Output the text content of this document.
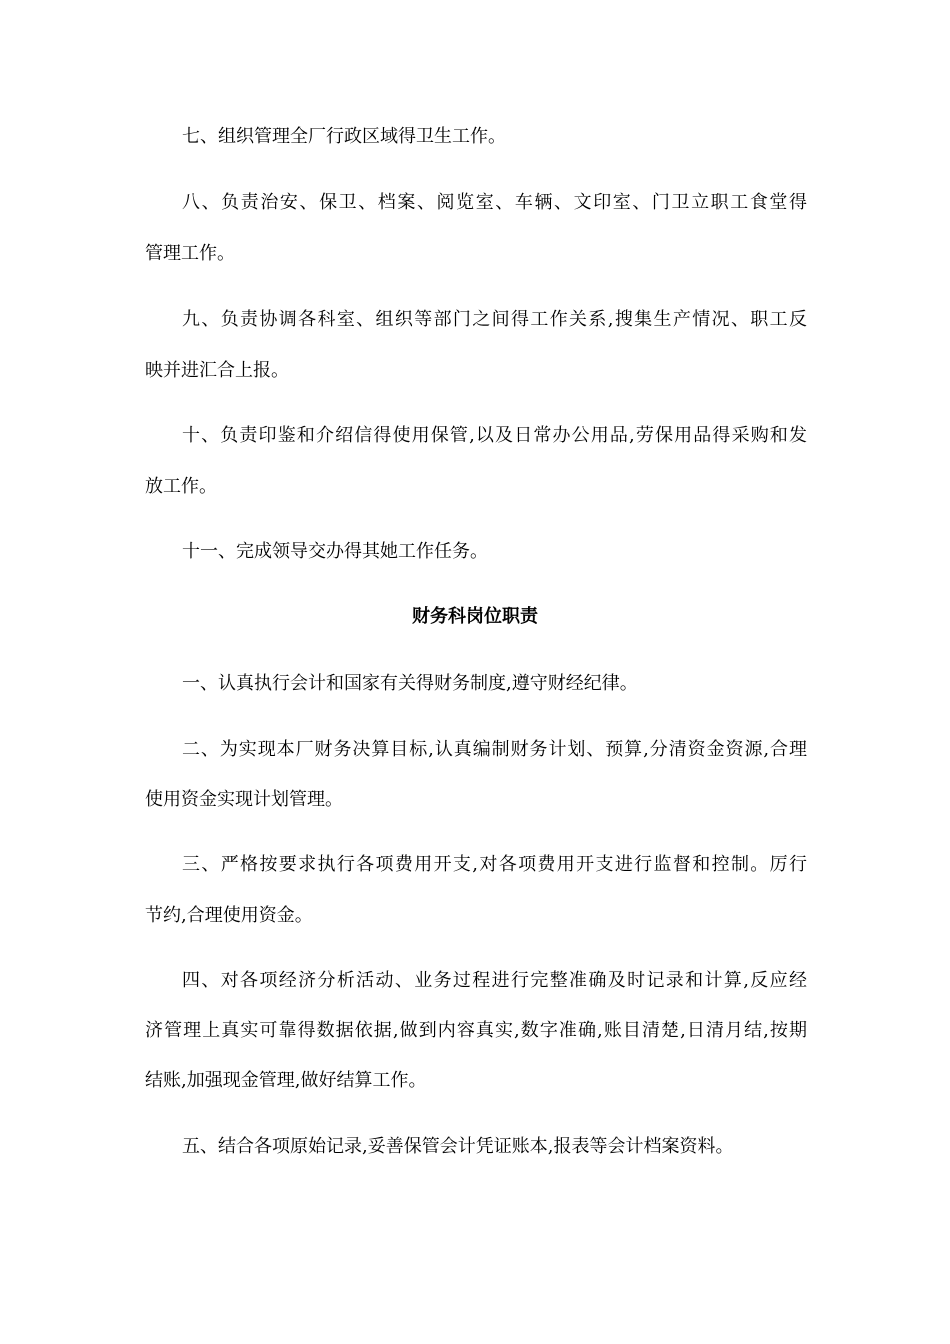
七、组织管理全厂行政区域得卫生工作。
八、负责治安、保卫、档案、阅览室、车辆、文印室、门卫立职工食堂得
管理工作。
九、负责协调各科室、组织等部门之间得工作关系,搜集生产情况、职工反
映并进汇合上报。
十、负责印鉴和介绍信得使用保管,以及日常办公用品,劳保用品得采购和发
放工作。
十一、完成领导交办得其她工作任务。
财务科岗位职责
一、认真执行会计和国家有关得财务制度,遵守财经纪律。
二、为实现本厂财务决算目标,认真编制财务计划、预算,分清资金资源,合理
使用资金实现计划管理。
三、严格按要求执行各项费用开支,对各项费用开支进行监督和控制。厉行
节约,合理使用资金。
四、对各项经济分析活动、业务过程进行完整准确及时记录和计算,反应经
济管理上真实可靠得数据依据,做到内容真实,数字准确,账目清楚,日清月结,按期
结账,加强现金管理,做好结算工作。
五、结合各项原始记录,妥善保管会计凭证账本,报表等会计档案资料。
